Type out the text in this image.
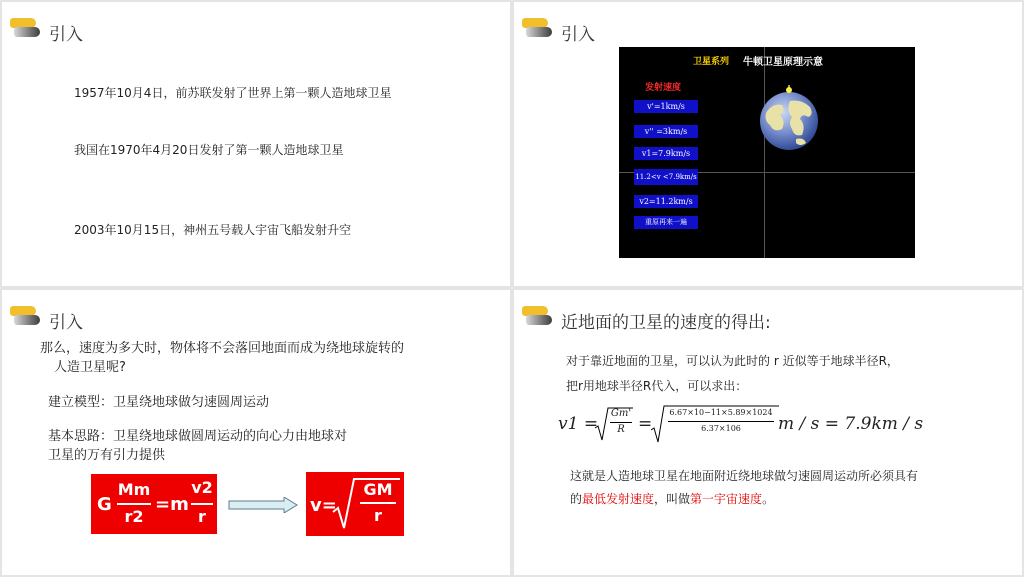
引入
1957年10月4日，前苏联发射了世界上第一颗人造地球卫星
我国在1970年4月20日发射了第一颗人造地球卫星
2003年10月15日，神州五号载人宇宙飞船发射升空
引入
卫星系列 牛顿卫星原理示意
发射速度
v'=1km/s
v'' =3km/s
v1=7.9km/s
11.2<v <7.9km/s
v2=11.2km/s
重原再来一遍
引入
那么，速度为多大时，物体将不会落回地面而成为绕地球旋转的
人造卫星呢?
建立模型：卫星绕地球做匀速圆周运动
基本思路：卫星绕地球做圆周运动的向心力由地球对
卫星的万有引力提供
G
Mm
r2
=m
v2
r
v=
GM
r
近地面的卫星的速度的得出:
对于靠近地面的卫星，可以认为此时的 r 近似等于地球半径R，
把r用地球半径R代入，可以求出：
v1 =
Gm'
R =
6.67×10−11×5.89×1024
6.37×106	m / s = 7.9km / s
这就是人造地球卫星在地面附近绕地球做匀速圆周运动所必须具有
的最低发射速度，叫做第一宇宙速度。
